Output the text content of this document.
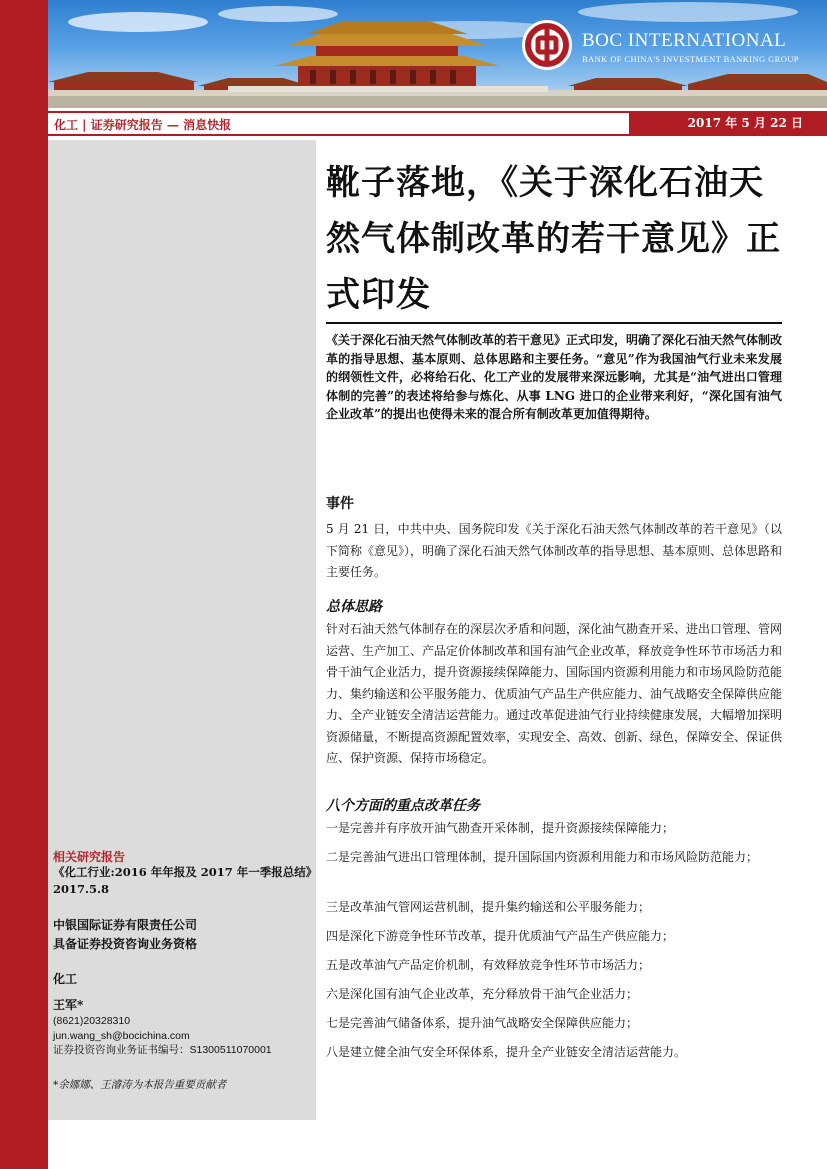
BOC INTERNATIONAL
BANK OF CHINA'S INVESTMENT BANKING GROUP
化工 | 证券研究报告 — 消息快报	2017 年 5 月 22 日
相关研究报告
《化工行业:2016 年年报及 2017 年一季报总结》2017.5.8
中银国际证券有限责任公司
具备证券投资咨询业务资格
化工
王军*
(8621)20328310
jun.wang_sh@bocichina.com
证券投资咨询业务证书编号：S1300511070001
*余娜娜、王濬涛为本报告重要贡献者
靴子落地，《关于深化石油天然气体制改革的若干意见》正式印发
《关于深化石油天然气体制改革的若干意见》正式印发，明确了深化石油天然气体制改革的指导思想、基本原则、总体思路和主要任务。“意见”作为我国油气行业未来发展的纲领性文件，必将给石化、化工产业的发展带来深远影响，尤其是“油气进出口管理体制的完善”的表述将给参与炼化、从事 LNG 进口的企业带来利好，“深化国有油气企业改革”的提出也使得未来的混合所有制改革更加值得期待。
事件
5 月 21 日，中共中央、国务院印发《关于深化石油天然气体制改革的若干意见》（以下简称《意见》），明确了深化石油天然气体制改革的指导思想、基本原则、总体思路和主要任务。
总体思路
针对石油天然气体制存在的深层次矛盾和问题，深化油气勘查开采、进出口管理、管网运营、生产加工、产品定价体制改革和国有油气企业改革，释放竞争性环节市场活力和骨干油气企业活力，提升资源接续保障能力、国际国内资源利用能力和市场风险防范能力、集约输送和公平服务能力、优质油气产品生产供应能力、油气战略安全保障供应能力、全产业链安全清洁运营能力。通过改革促进油气行业持续健康发展，大幅增加探明资源储量，不断提高资源配置效率，实现安全、高效、创新、绿色，保障安全、保证供应、保护资源、保持市场稳定。
八个方面的重点改革任务
一是完善并有序放开油气勘查开采体制，提升资源接续保障能力；
二是完善油气进出口管理体制，提升国际国内资源利用能力和市场风险防范能力；
三是改革油气管网运营机制，提升集约输送和公平服务能力；
四是深化下游竞争性环节改革，提升优质油气产品生产供应能力；
五是改革油气产品定价机制，有效释放竞争性环节市场活力；
六是深化国有油气企业改革，充分释放骨干油气企业活力；
七是完善油气储备体系，提升油气战略安全保障供应能力；
八是建立健全油气安全环保体系，提升全产业链安全清洁运营能力。
